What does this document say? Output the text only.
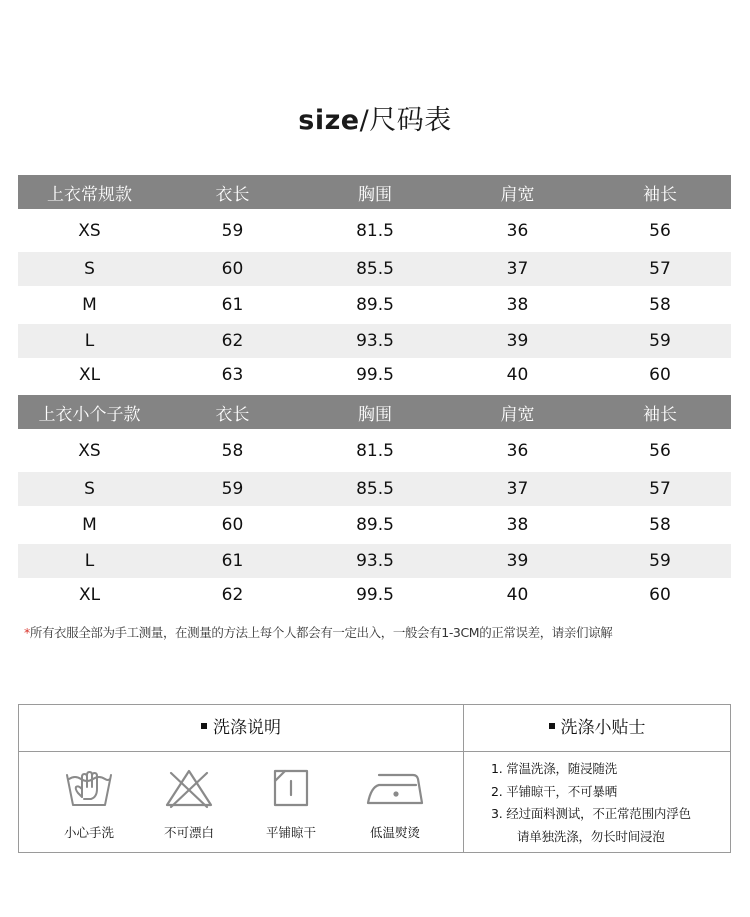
size/尺码表
上衣常规款	衣长	胸围	肩宽	袖长
XS	59	81.5	36	56
S	60	85.5	37	57
M	61	89.5	38	58
L	62	93.5	39	59
XL	63	99.5	40	60
上衣小个子款	衣长	胸围	肩宽	袖长
XS	58	81.5	36	56
S	59	85.5	37	57
M	60	89.5	38	58
L	61	93.5	39	59
XL	62	99.5	40	60
*所有衣服全部为手工测量，在测量的方法上每个人都会有一定出入，一般会有1-3CM的正常误差，请亲们谅解
洗涤说明	洗涤小贴士
小心手洗	不可漂白	平铺晾干	低温熨烫
1. 常温洗涤，随浸随洗
2. 平铺晾干，不可暴晒
3. 经过面料测试，不正常范围内浮色
请单独洗涤，勿长时间浸泡
